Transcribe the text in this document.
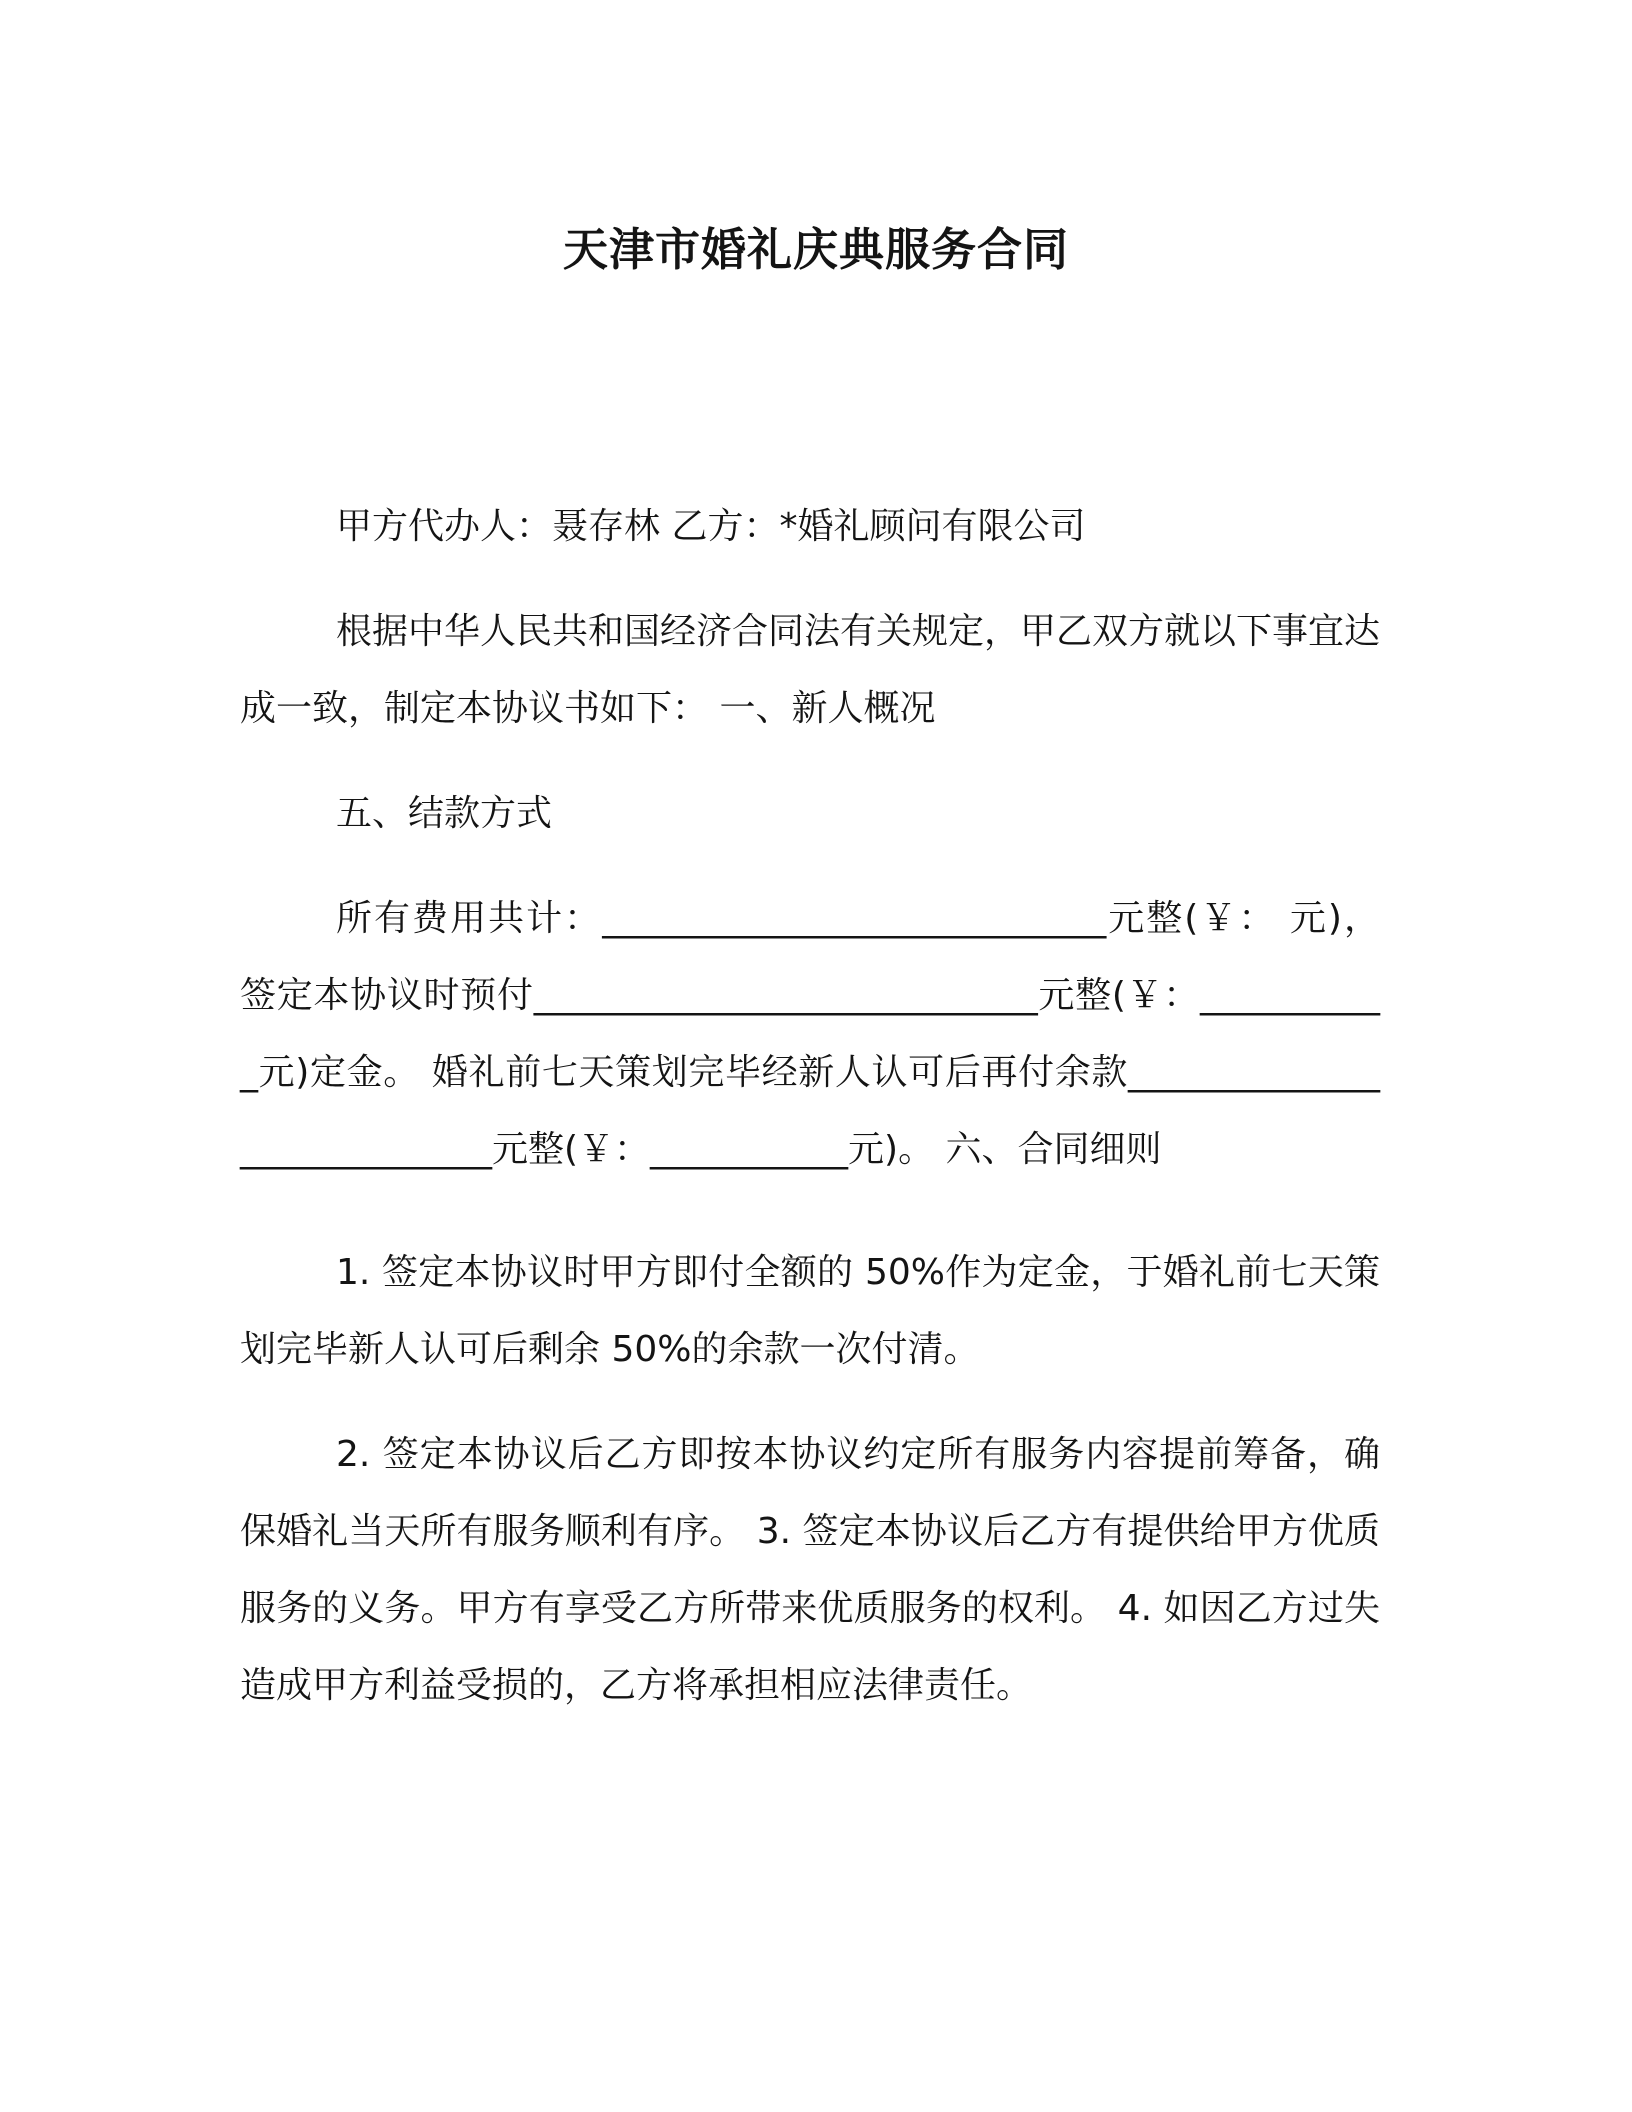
天津市婚礼庆典服务合同

甲方代办人：聂存林 乙方：*婚礼顾问有限公司

根据中华人民共和国经济合同法有关规定，甲乙双方就以下事宜达成一致，制定本协议书如下： 一、新人概况

五、结款方式

所有费用共计：____________________________元整(￥： 元)，签定本协议时预付____________________________元整(￥：___________元)定金。 婚礼前七天策划完毕经新人认可后再付余款____________________________元整(￥：___________元)。 六、合同细则

1. 签定本协议时甲方即付全额的 50%作为定金，于婚礼前七天策划完毕新人认可后剩余 50%的余款一次付清。

2. 签定本协议后乙方即按本协议约定所有服务内容提前筹备，确保婚礼当天所有服务顺利有序。 3. 签定本协议后乙方有提供给甲方优质服务的义务。甲方有享受乙方所带来优质服务的权利。 4. 如因乙方过失造成甲方利益受损的，乙方将承担相应法律责任。
